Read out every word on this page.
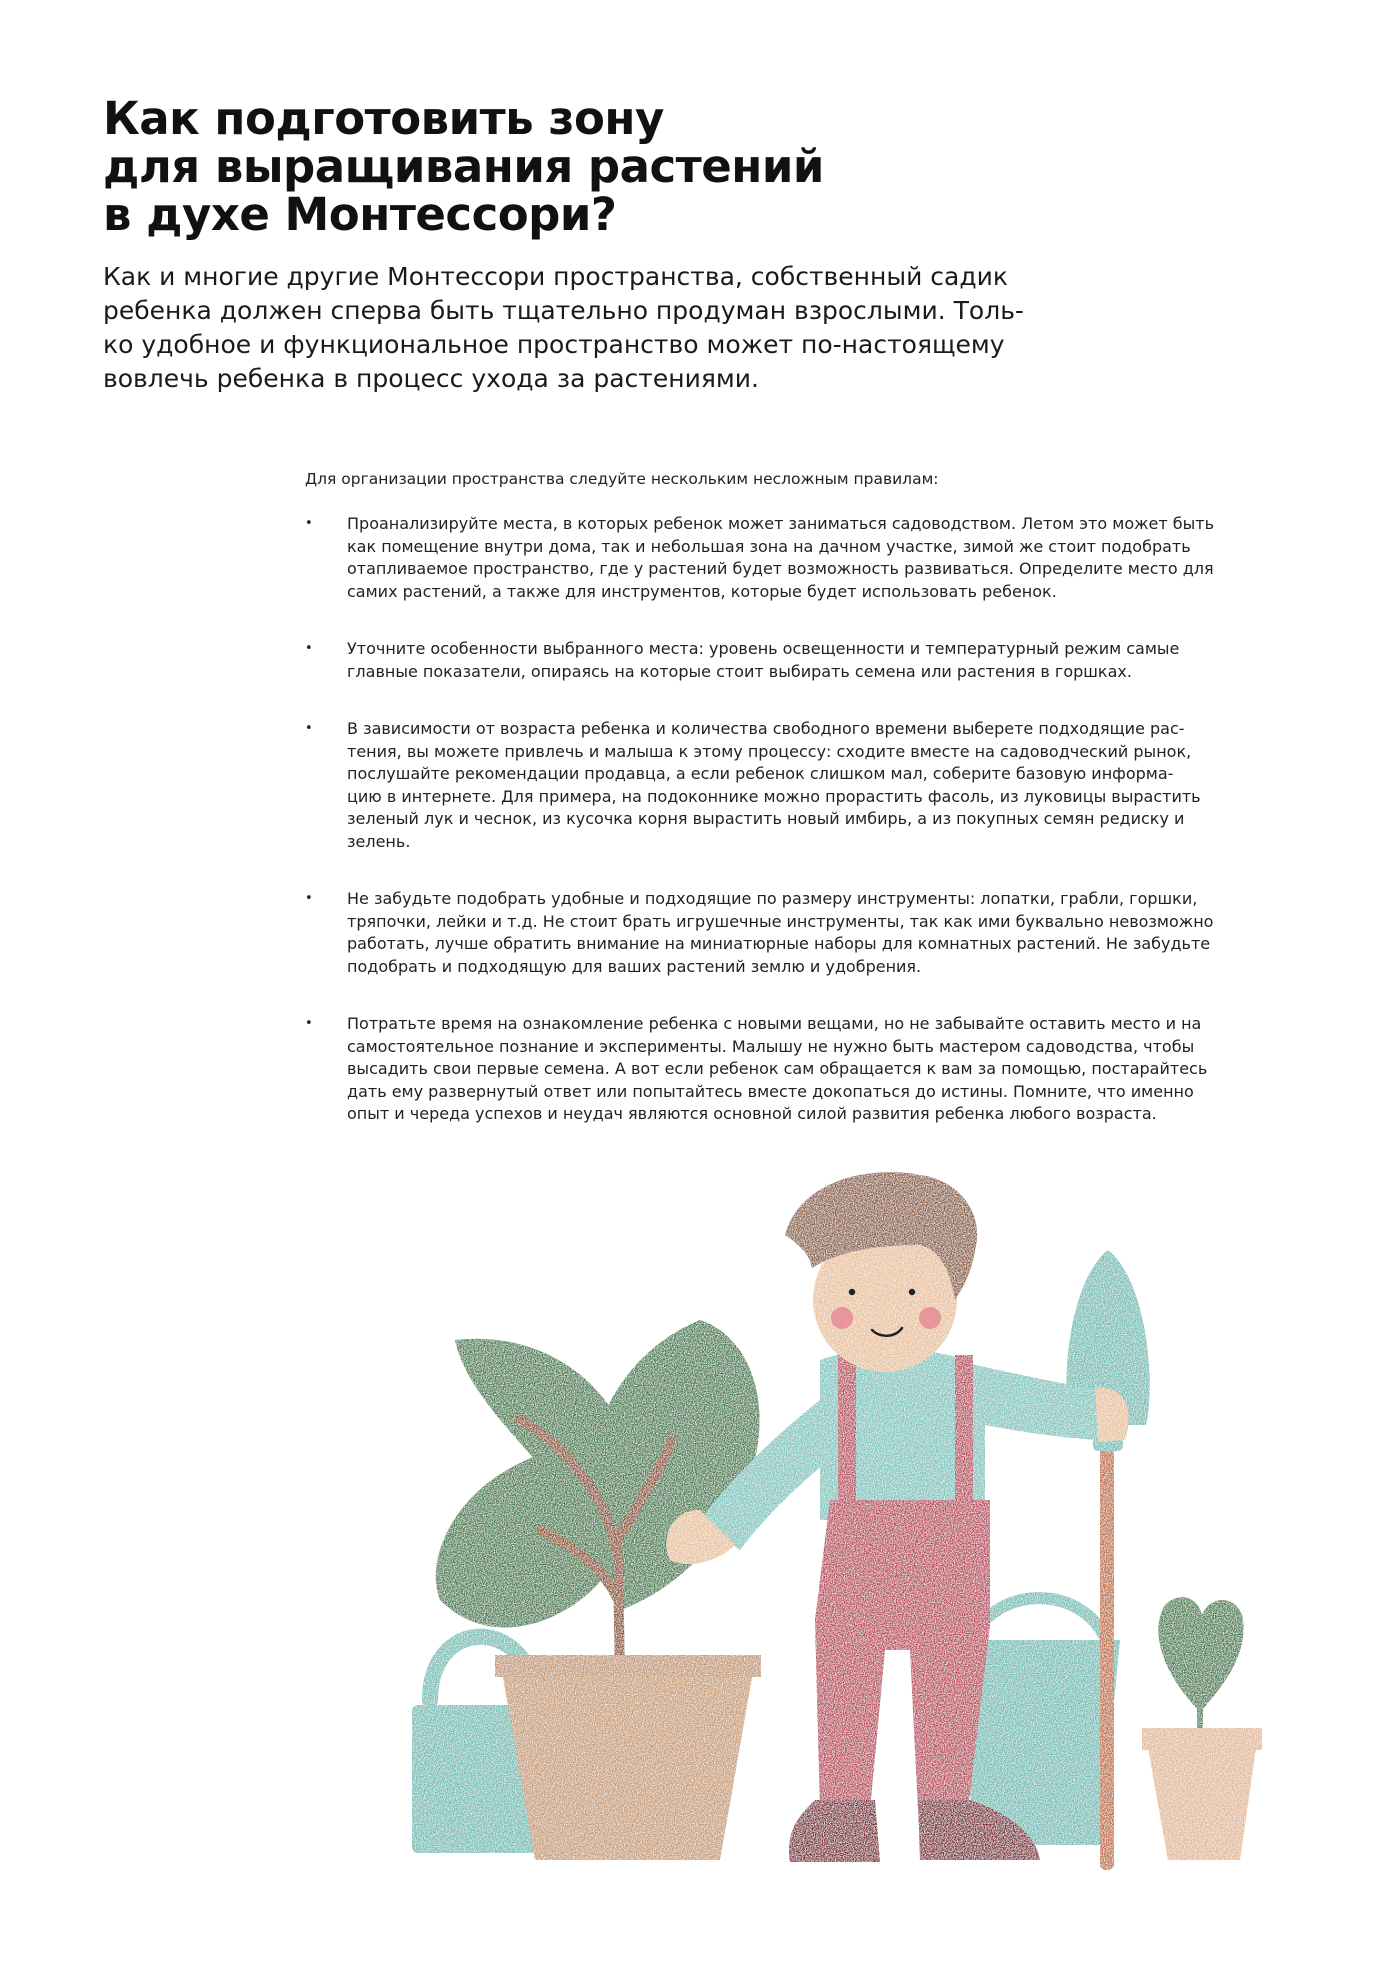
Как подготовить зону
для выращивания растений
в духе Монтессори?
Как и многие другие Монтессори пространства, собственный садик
ребенка должен сперва быть тщательно продуман взрослыми. Толь-
ко удобное и функциональное пространство может по-настоящему
вовлечь ребенка в процесс ухода за растениями.
Для организации пространства следуйте нескольким несложным правилам:
• Проанализируйте места, в которых ребенок может заниматься садоводством. Летом это может быть
как помещение внутри дома, так и небольшая зона на дачном участке, зимой же стоит подобрать
отапливаемое пространство, где у растений будет возможность развиваться. Определите место для
самих растений, а также для инструментов, которые будет использовать ребенок.
• Уточните особенности выбранного места: уровень освещенности и температурный режим самые
главные показатели, опираясь на которые стоит выбирать семена или растения в горшках.
• В зависимости от возраста ребенка и количества свободного времени выберете подходящие рас-
тения, вы можете привлечь и малыша к этому процессу: сходите вместе на садоводческий рынок,
послушайте рекомендации продавца, а если ребенок слишком мал, соберите базовую информа-
цию в интернете. Для примера, на подоконнике можно прорастить фасоль, из луковицы вырастить
зеленый лук и чеснок, из кусочка корня вырастить новый имбирь, а из покупных семян редиску и
зелень.
• Не забудьте подобрать удобные и подходящие по размеру инструменты: лопатки, грабли, горшки,
тряпочки, лейки и т.д. Не стоит брать игрушечные инструменты, так как ими буквально невозможно
работать, лучше обратить внимание на миниатюрные наборы для комнатных растений. Не забудьте
подобрать и подходящую для ваших растений землю и удобрения.
• Потратьте время на ознакомление ребенка с новыми вещами, но не забывайте оставить место и на
самостоятельное познание и эксперименты. Малышу не нужно быть мастером садоводства, чтобы
высадить свои первые семена. А вот если ребенок сам обращается к вам за помощью, постарайтесь
дать ему развернутый ответ или попытайтесь вместе докопаться до истины. Помните, что именно
опыт и череда успехов и неудач являются основной силой развития ребенка любого возраста.
